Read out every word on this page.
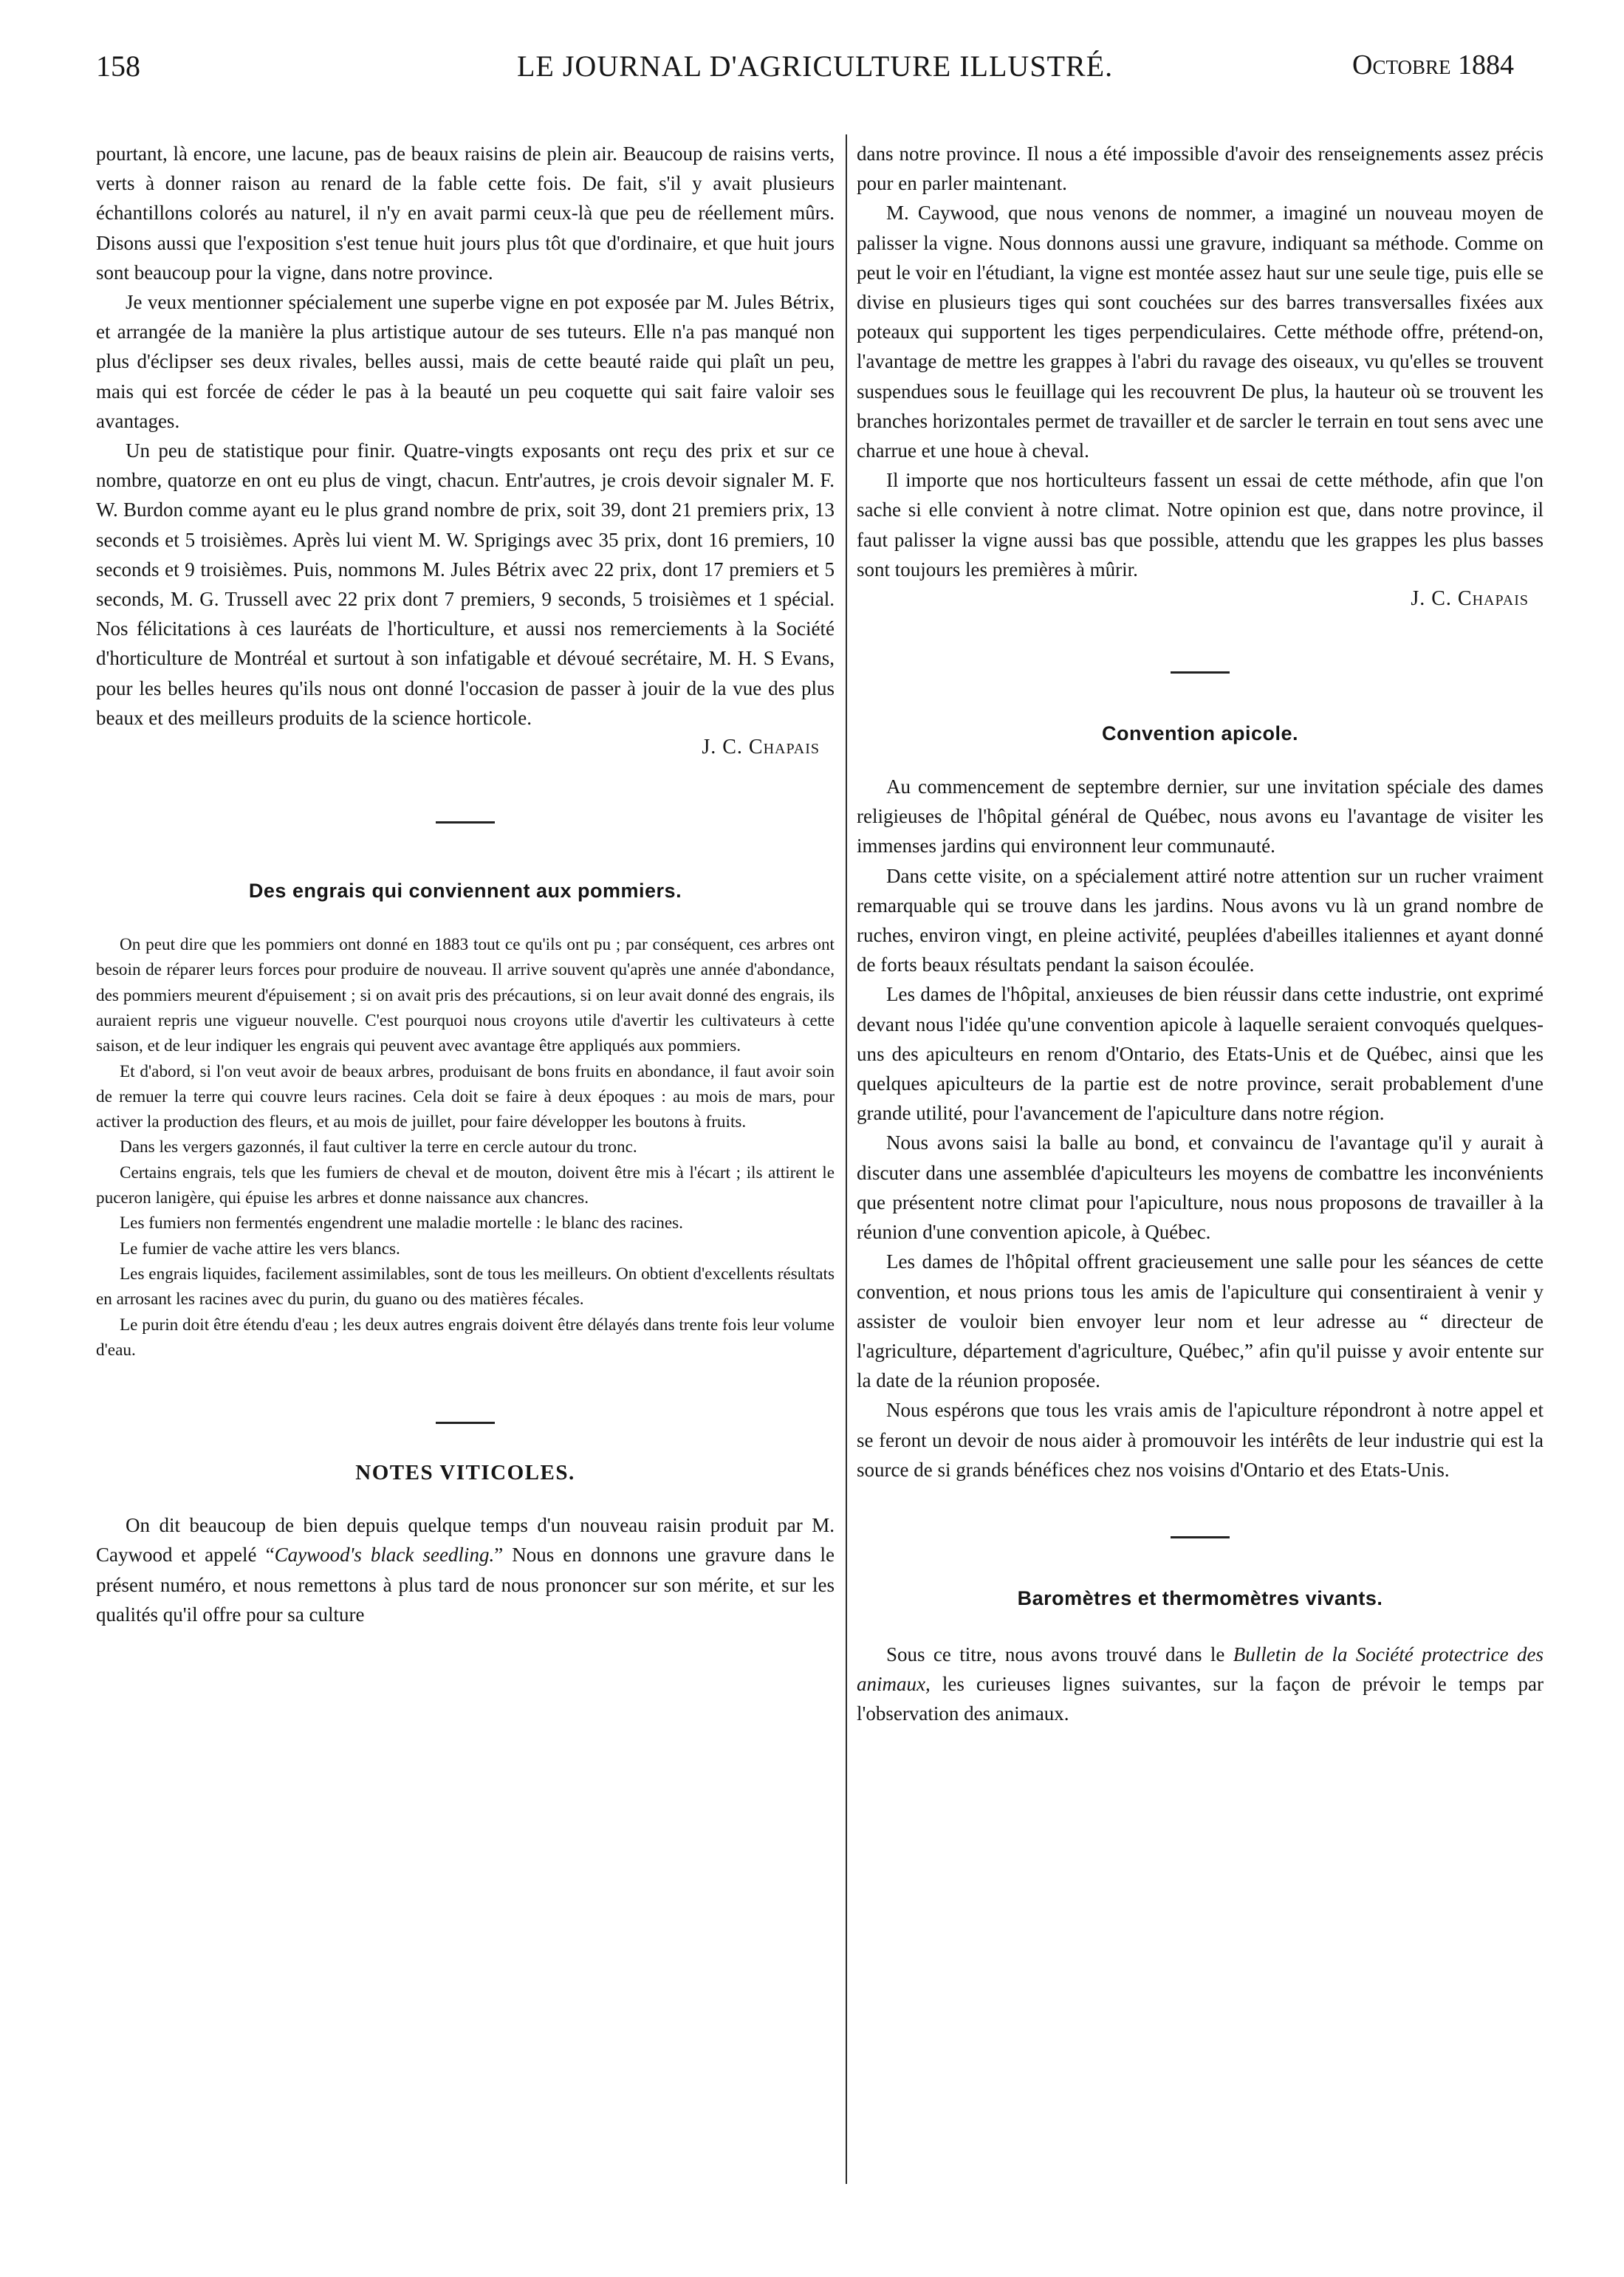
158	LE JOURNAL D'AGRICULTURE ILLUSTRÉ.	Octobre 1884

pourtant, là encore, une lacune, pas de beaux raisins de plein air. Beaucoup de raisins verts, verts à donner raison au renard de la fable cette fois. De fait, s'il y avait plusieurs échantillons colorés au naturel, il n'y en avait parmi ceux-là que peu de réellement mûrs. Disons aussi que l'exposition s'est tenue huit jours plus tôt que d'ordinaire, et que huit jours sont beaucoup pour la vigne, dans notre province.

Je veux mentionner spécialement une superbe vigne en pot exposée par M. Jules Bétrix, et arrangée de la manière la plus artistique autour de ses tuteurs. Elle n'a pas manqué non plus d'éclipser ses deux rivales, belles aussi, mais de cette beauté raide qui plaît un peu, mais qui est forcée de céder le pas à la beauté un peu coquette qui sait faire valoir ses avantages.

Un peu de statistique pour finir. Quatre-vingts exposants ont reçu des prix et sur ce nombre, quatorze en ont eu plus de vingt, chacun. Entr'autres, je crois devoir signaler M. F. W. Burdon comme ayant eu le plus grand nombre de prix, soit 39, dont 21 premiers prix, 13 seconds et 5 troisièmes. Après lui vient M. W. Sprigings avec 35 prix, dont 16 premiers, 10 seconds et 9 troisièmes. Puis, nommons M. Jules Bétrix avec 22 prix, dont 17 premiers et 5 seconds, M. G. Trussell avec 22 prix dont 7 premiers, 9 seconds, 5 troisièmes et 1 spécial. Nos félicitations à ces lauréats de l'horticulture, et aussi nos remerciements à la Société d'horticulture de Montréal et surtout à son infatigable et dévoué secrétaire, M. H. S Evans, pour les belles heures qu'ils nous ont donné l'occasion de passer à jouir de la vue des plus beaux et des meilleurs produits de la science horticole.

J. C. Chapais
Des engrais qui conviennent aux pommiers.

On peut dire que les pommiers ont donné en 1883 tout ce qu'ils ont pu ; par conséquent, ces arbres ont besoin de réparer leurs forces pour produire de nouveau. Il arrive souvent qu'après une année d'abondance, des pommiers meurent d'épuisement ; si on avait pris des précautions, si on leur avait donné des engrais, ils auraient repris une vigueur nouvelle. C'est pourquoi nous croyons utile d'avertir les cultivateurs à cette saison, et de leur indiquer les engrais qui peuvent avec avantage être appliqués aux pommiers.

Et d'abord, si l'on veut avoir de beaux arbres, produisant de bons fruits en abondance, il faut avoir soin de remuer la terre qui couvre leurs racines. Cela doit se faire à deux époques : au mois de mars, pour activer la production des fleurs, et au mois de juillet, pour faire développer les boutons à fruits.

Dans les vergers gazonnés, il faut cultiver la terre en cercle autour du tronc.

Certains engrais, tels que les fumiers de cheval et de mouton, doivent être mis à l'écart ; ils attirent le puceron lanigère, qui épuise les arbres et donne naissance aux chancres.

Les fumiers non fermentés engendrent une maladie mortelle : le blanc des racines.

Le fumier de vache attire les vers blancs.

Les engrais liquides, facilement assimilables, sont de tous les meilleurs. On obtient d'excellents résultats en arrosant les racines avec du purin, du guano ou des matières fécales.

Le purin doit être étendu d'eau ; les deux autres engrais doivent être délayés dans trente fois leur volume d'eau.

NOTES VITICOLES.

On dit beaucoup de bien depuis quelque temps d'un nouveau raisin produit par M. Caywood et appelé “Caywood's black seedling.” Nous en donnons une gravure dans le présent numéro, et nous remettons à plus tard de nous prononcer sur son mérite, et sur les qualités qu'il offre pour sa culture

dans notre province. Il nous a été impossible d'avoir des renseignements assez précis pour en parler maintenant.

M. Caywood, que nous venons de nommer, a imaginé un nouveau moyen de palisser la vigne. Nous donnons aussi une gravure, indiquant sa méthode. Comme on peut le voir en l'étudiant, la vigne est montée assez haut sur une seule tige, puis elle se divise en plusieurs tiges qui sont couchées sur des barres transversalles fixées aux poteaux qui supportent les tiges perpendiculaires. Cette méthode offre, prétend-on, l'avantage de mettre les grappes à l'abri du ravage des oiseaux, vu qu'elles se trouvent suspendues sous le feuillage qui les recouvrent De plus, la hauteur où se trouvent les branches horizontales permet de travailler et de sarcler le terrain en tout sens avec une charrue et une houe à cheval.

Il importe que nos horticulteurs fassent un essai de cette méthode, afin que l'on sache si elle convient à notre climat. Notre opinion est que, dans notre province, il faut palisser la vigne aussi bas que possible, attendu que les grappes les plus basses sont toujours les premières à mûrir.

J. C. Chapais
Convention apicole.

Au commencement de septembre dernier, sur une invitation spéciale des dames religieuses de l'hôpital général de Québec, nous avons eu l'avantage de visiter les immenses jardins qui environnent leur communauté.

Dans cette visite, on a spécialement attiré notre attention sur un rucher vraiment remarquable qui se trouve dans les jardins. Nous avons vu là un grand nombre de ruches, environ vingt, en pleine activité, peuplées d'abeilles italiennes et ayant donné de forts beaux résultats pendant la saison écoulée.

Les dames de l'hôpital, anxieuses de bien réussir dans cette industrie, ont exprimé devant nous l'idée qu'une convention apicole à laquelle seraient convoqués quelques-uns des apiculteurs en renom d'Ontario, des Etats-Unis et de Québec, ainsi que les quelques apiculteurs de la partie est de notre province, serait probablement d'une grande utilité, pour l'avancement de l'apiculture dans notre région.

Nous avons saisi la balle au bond, et convaincu de l'avantage qu'il y aurait à discuter dans une assemblée d'apiculteurs les moyens de combattre les inconvénients que présentent notre climat pour l'apiculture, nous nous proposons de travailler à la réunion d'une convention apicole, à Québec.

Les dames de l'hôpital offrent gracieusement une salle pour les séances de cette convention, et nous prions tous les amis de l'apiculture qui consentiraient à venir y assister de vouloir bien envoyer leur nom et leur adresse au “ directeur de l'agriculture, département d'agriculture, Québec,” afin qu'il puisse y avoir entente sur la date de la réunion proposée.

Nous espérons que tous les vrais amis de l'apiculture répondront à notre appel et se feront un devoir de nous aider à promouvoir les intérêts de leur industrie qui est la source de si grands bénéfices chez nos voisins d'Ontario et des Etats-Unis.

Baromètres et thermomètres vivants.

Sous ce titre, nous avons trouvé dans le Bulletin de la Société protectrice des animaux, les curieuses lignes suivantes, sur la façon de prévoir le temps par l'observation des animaux.
